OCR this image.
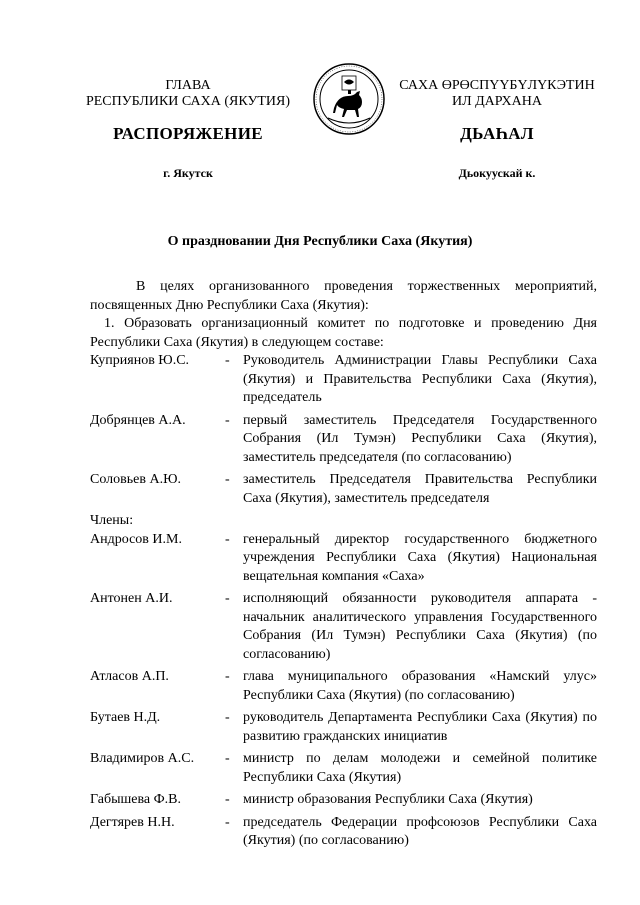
ГЛАВА
РЕСПУБЛИКИ САХА (ЯКУТИЯ)
САХА ӨРӨСПҮҮБҮЛҮКЭТИН
ИЛ ДАРХАНА
РАСПОРЯЖЕНИЕ	ДЬАҺАЛ
г. Якутск	Дьокуускай к.
О праздновании Дня Республики Саха (Якутия)
В целях организованного проведения торжественных мероприятий, посвященных Дню Республики Саха (Якутия):
1. Образовать организационный комитет по подготовке и проведению Дня Республики Саха (Якутия) в следующем составе:
Куприянов Ю.С.	- Руководитель Администрации Главы Республики Саха (Якутия) и Правительства Республики Саха (Якутия), председатель
Добрянцев А.А.	- первый заместитель Председателя Государственного Собрания (Ил Тумэн) Республики Саха (Якутия), заместитель председателя (по согласованию)
Соловьев А.Ю.	- заместитель Председателя Правительства Республики Саха (Якутия), заместитель председателя
Члены:
Андросов И.М.	- генеральный директор государственного бюджетного учреждения Республики Саха (Якутия) Национальная вещательная компания «Саха»
Антонен А.И.	- исполняющий обязанности руководителя аппарата - начальник аналитического управления Государственного Собрания (Ил Тумэн) Республики Саха (Якутия) (по согласованию)
Атласов А.П.	- глава муниципального образования «Намский улус» Республики Саха (Якутия) (по согласованию)
Бутаев Н.Д.	- руководитель Департамента Республики Саха (Якутия) по развитию гражданских инициатив
Владимиров А.С.	- министр по делам молодежи и семейной политике Республики Саха (Якутия)
Габышева Ф.В.	- министр образования Республики Саха (Якутия)
Дегтярев Н.Н.	- председатель Федерации профсоюзов Республики Саха (Якутия) (по согласованию)
